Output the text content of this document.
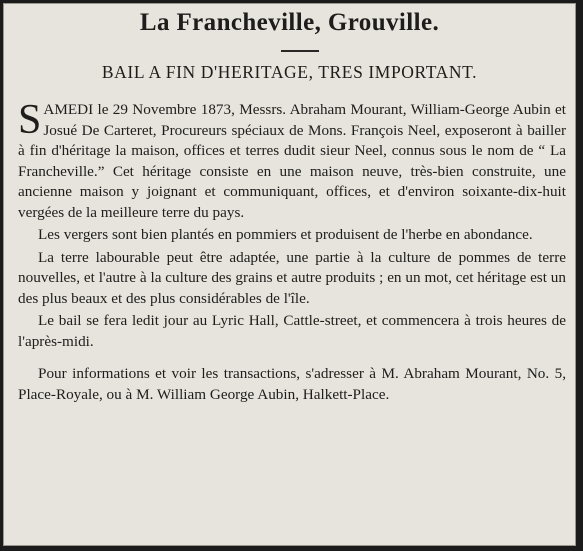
La Francheville, Grouville.
BAIL A FIN D'HERITAGE, TRES IMPORTANT.

SAMEDI le 29 Novembre 1873, Messrs. Abraham Mourant, William-George Aubin et Josué De Carteret, Procureurs spéciaux de Mons. François Neel, exposeront à bailler à fin d'héritage la maison, offices et terres dudit sieur Neel, connus sous le nom de “ La Francheville.” Cet héritage consiste en une maison neuve, très-bien construite, une ancienne maison y joignant et communiquant, offices, et d'environ soixante-dix-huit vergées de la meilleure terre du pays.

Les vergers sont bien plantés en pommiers et produisent de l'herbe en abondance.

La terre labourable peut être adaptée, une partie à la culture de pommes de terre nouvelles, et l'autre à la culture des grains et autre produits ; en un mot, cet héritage est un des plus beaux et des plus considérables de l'île.

Le bail se fera ledit jour au Lyric Hall, Cattle-street, et commencera à trois heures de l'après-midi.

Pour informations et voir les transactions, s'adresser à M. Abraham Mourant, No. 5, Place-Royale, ou à M. William George Aubin, Halkett-Place.
